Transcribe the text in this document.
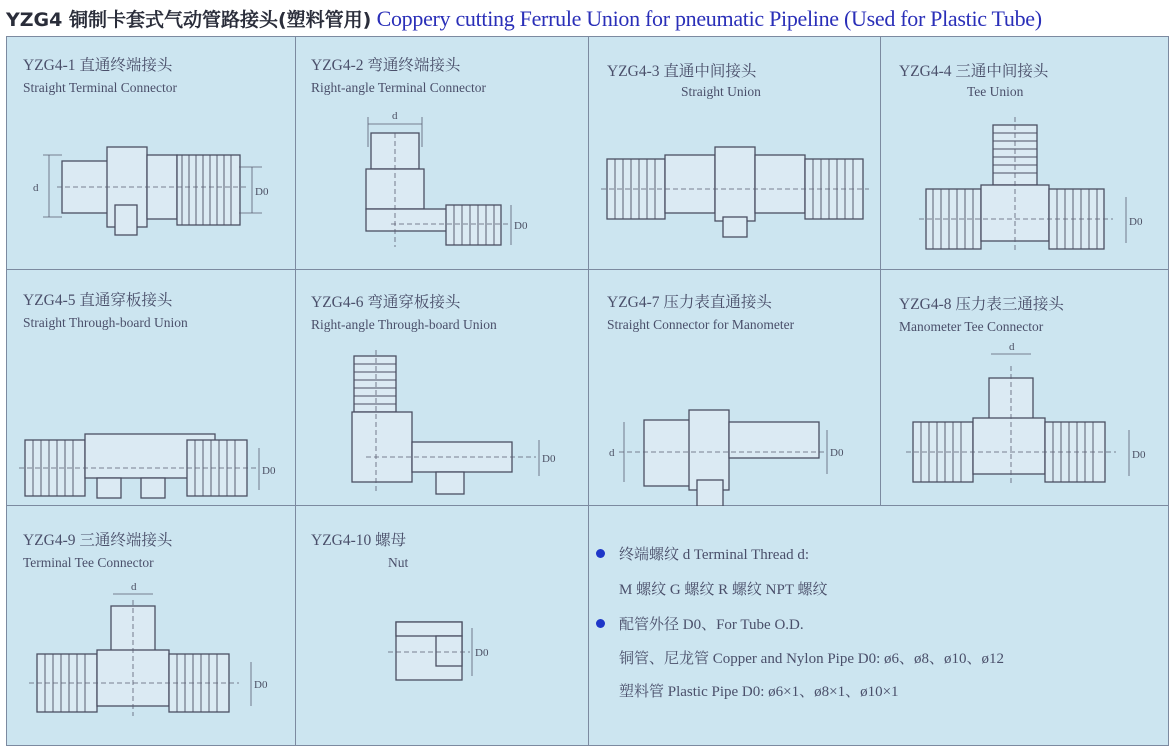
YZG4 铜制卡套式气动管路接头(塑料管用) Coppery cutting Ferrule Union for pneumatic Pipeline (Used for Plastic Tube)
YZG4-1 直通终端接头
Straight Terminal Connector
d	D0
YZG4-2 弯通终端接头
Right-angle Terminal Connector
d
D0
YZG4-3 直通中间接头
Straight Union
YZG4-4 三通中间接头
Tee Union
D0
YZG4-5 直通穿板接头
Straight Through-board Union
D0
YZG4-6 弯通穿板接头
Right-angle Through-board Union
D0
YZG4-7 压力表直通接头
Straight Connector for Manometer
d	D0
YZG4-8 压力表三通接头
Manometer Tee Connector
d
D0
YZG4-9 三通终端接头
Terminal Tee Connector
d
D0
YZG4-10 螺母
Nut
D0
终端螺纹 d Terminal Thread d:
M 螺纹 G 螺纹 R 螺纹 NPT 螺纹
配管外径 D0、For Tube O.D.
铜管、尼龙管 Copper and Nylon Pipe D0: ø6、ø8、ø10、ø12
塑料管 Plastic Pipe D0: ø6×1、ø8×1、ø10×1
